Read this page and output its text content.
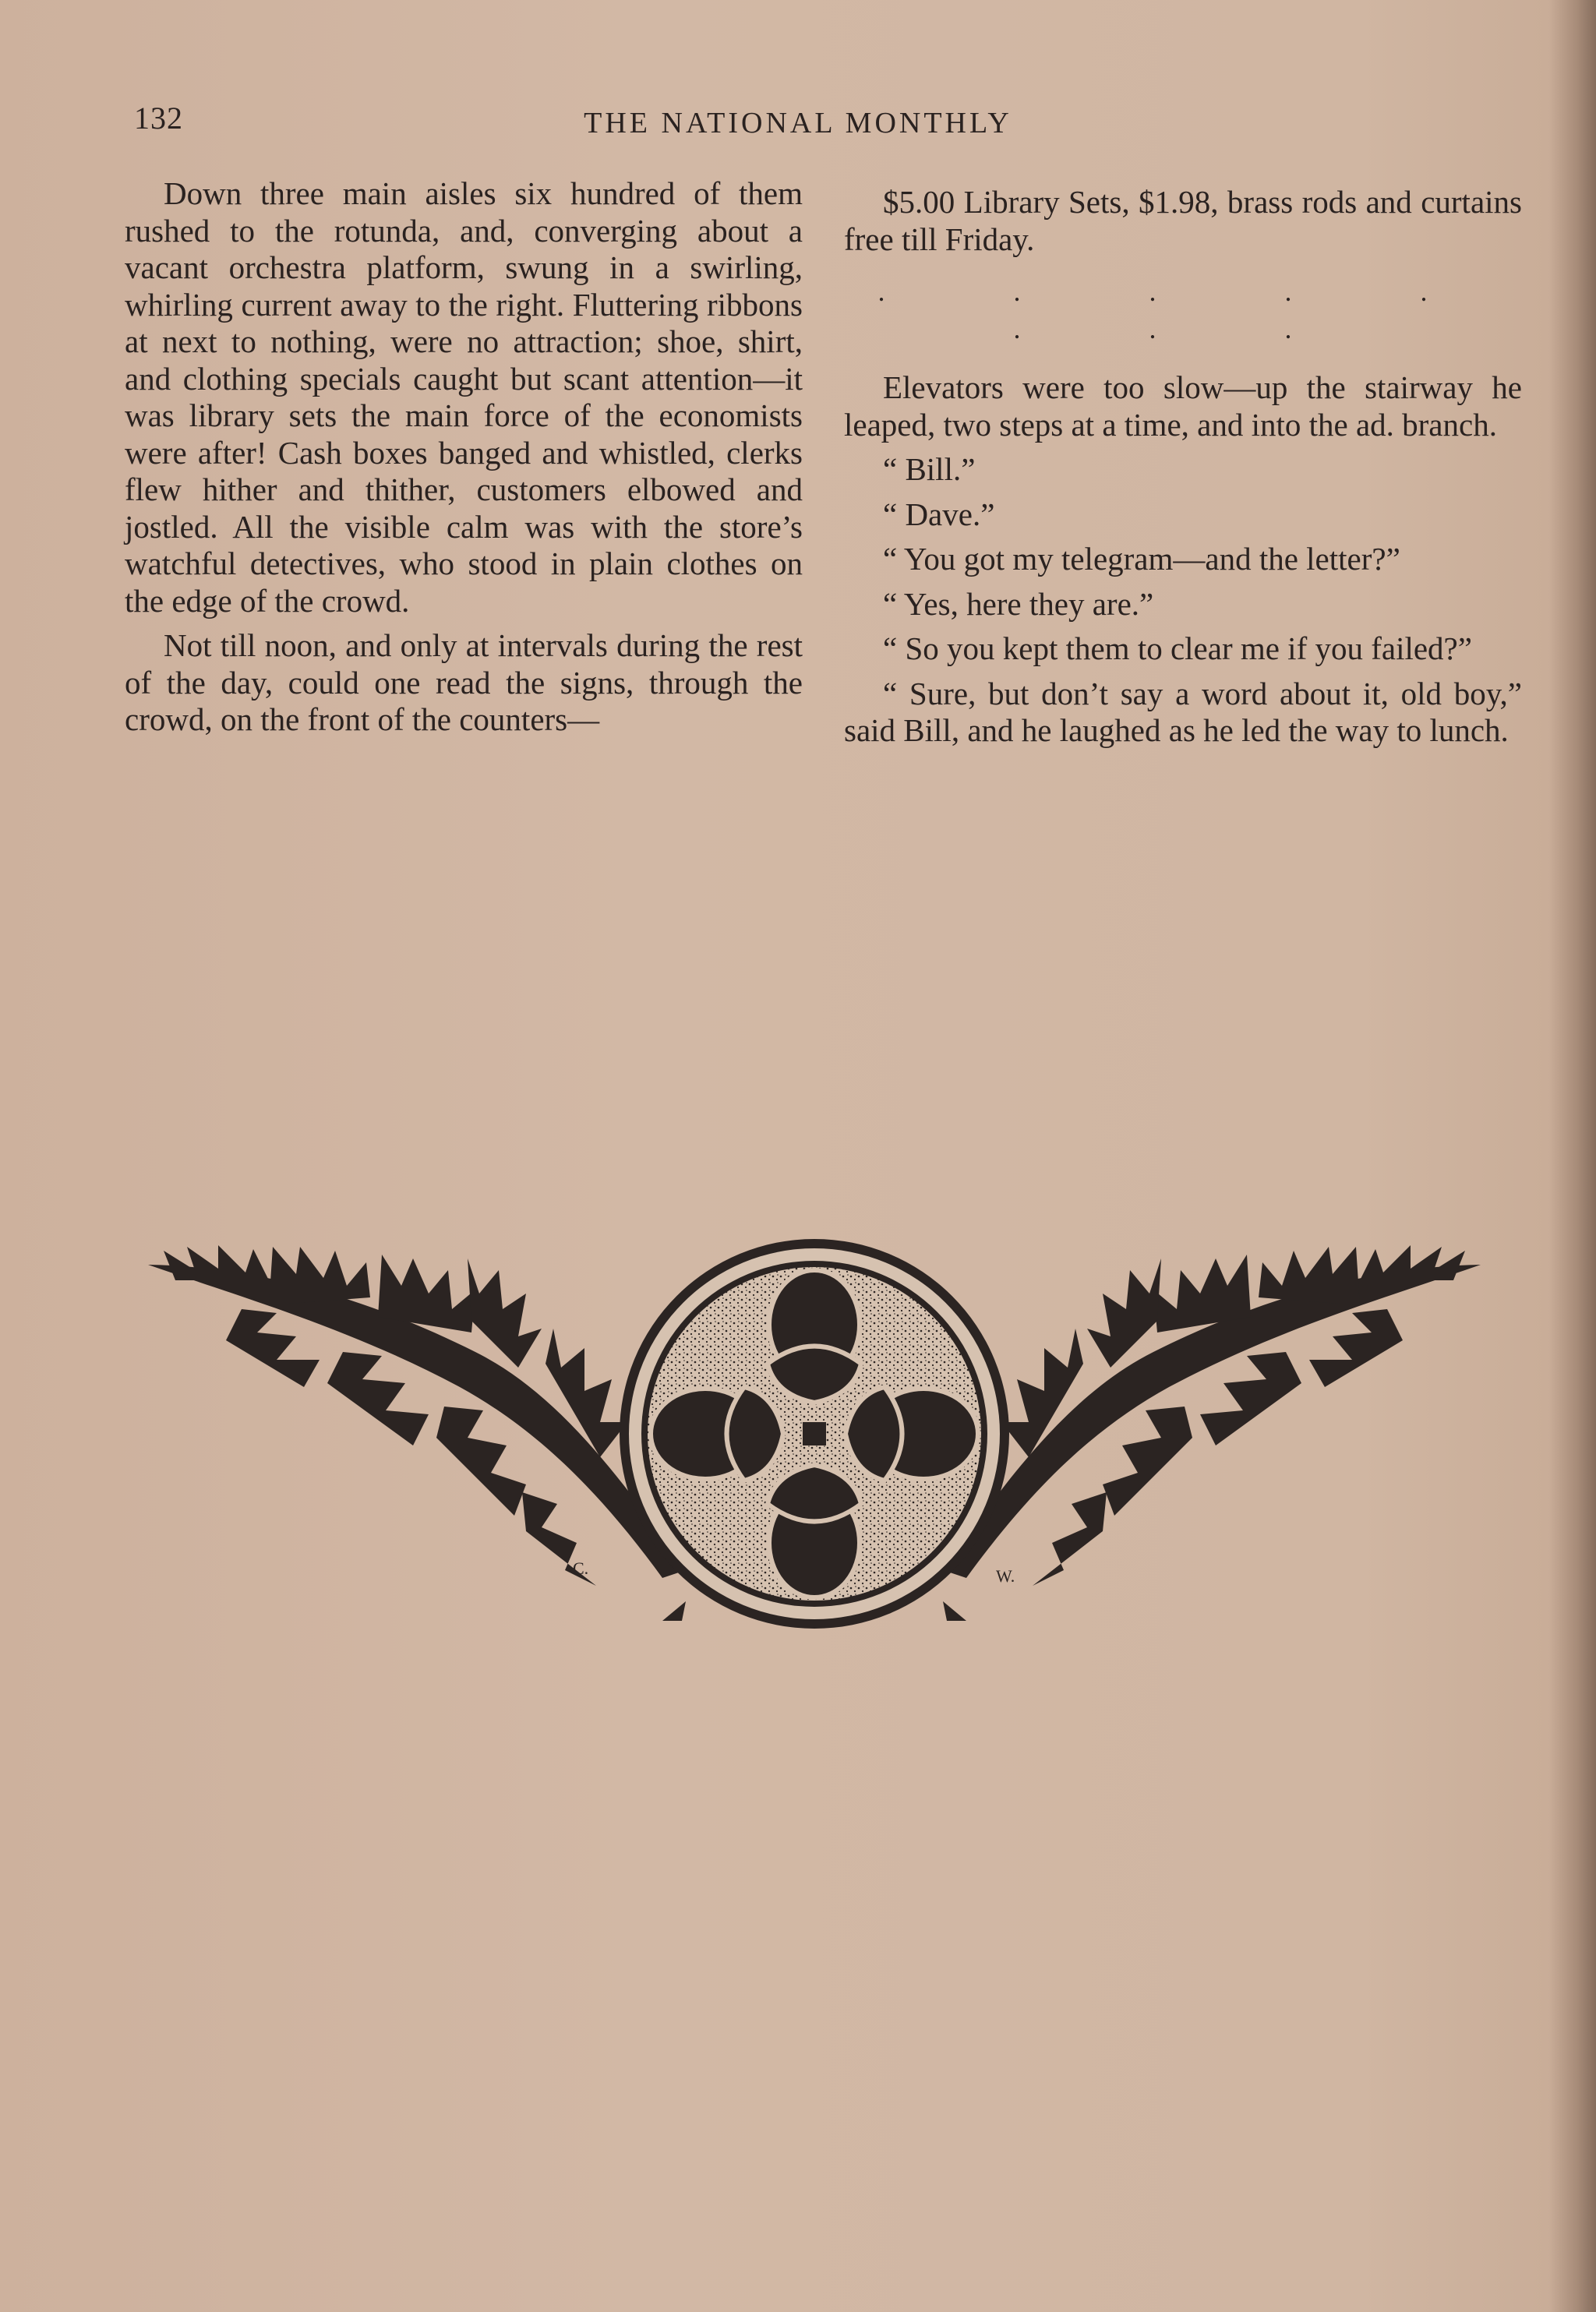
132	THE NATIONAL MONTHLY

Down three main aisles six hundred of them rushed to the rotunda, and, converging about a vacant orchestra platform, swung in a swirling, whirling current away to the right. Fluttering ribbons at next to nothing, were no attraction; shoe, shirt, and clothing specials caught but scant attention—it was library sets the main force of the economists were after! Cash boxes banged and whistled, clerks flew hither and thither, customers elbowed and jostled. All the visible calm was with the store’s watchful detectives, who stood in plain clothes on the edge of the crowd.

Not till noon, and only at intervals during the rest of the day, could one read the signs, through the crowd, on the front of the counters—

$5.00 Library Sets, $1.98, brass rods and curtains free till Friday.

. . . . . . . .

Elevators were too slow—up the stairway he leaped, two steps at a time, and into the ad. branch.

“ Bill.”

“ Dave.”

“ You got my telegram—and the letter?”

“ Yes, here they are.”

“ So you kept them to clear me if you failed?”

“ Sure, but don’t say a word about it, old boy,” said Bill, and he laughed as he led the way to lunch.

C.	W.
